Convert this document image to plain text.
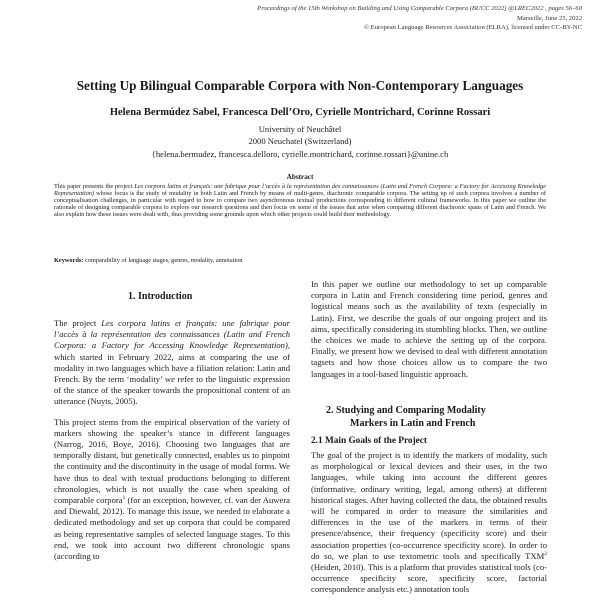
Proceedings of the 15th Workshop on Building and Using Comparable Corpora (BUCC 2022) @LREC2022 , pages 56–60
Marseille, June 25, 2022
© European Language Resources Association (ELRA), licensed under CC-BY-NC
Setting Up Bilingual Comparable Corpora with Non-Contemporary Languages
Helena Bermúdez Sabel, Francesca Dell’Oro, Cyrielle Montrichard, Corinne Rossari
University of Neuchâtel
2000 Neuchatel (Switzerland)
{helena.bermudez, francesca.delloro, cyrielle.montrichard, corinne.rossari}@unine.ch
Abstract
This paper presents the project Les corpora latins et français: une fabrique pour l’accès à la représentation des connaissances (Latin and French Corpora: a Factory for Accessing Knowledge Representation) whose focus is the study of modality in both Latin and French by means of multi-genre, diachronic comparable corpora. The setting up of such corpora involves a number of conceptualisation challenges, in particular with regard to how to compare two asynchronous textual productions corresponding to different cultural frameworks. In this paper we outline the rationale of designing comparable corpora to explore our research questions and then focus on some of the issues that arise when comparing different diachronic spans of Latin and French. We also explain how these issues were dealt with, thus providing some grounds upon which other projects could build their methodology.
Keywords: comparability of language stages, genres, modality, annotation
1. Introduction

The project Les corpora latins et français: une fabrique pour l’accès à la représentation des connaissances (Latin and French Corpora: a Factory for Accessing Knowledge Representation), which started in February 2022, aims at comparing the use of modality in two languages which have a filiation relation: Latin and French. By the term ‘modality’ we refer to the linguistic expression of the stance of the speaker towards the propositional content of an utterance (Nuyts, 2005).

This project stems from the empirical observation of the variety of markers showing the speaker’s stance in different languages (Narrog, 2016, Boye, 2016). Choosing two languages that are temporally distant, but genetically connected, enables us to pinpoint the continuity and the discontinuity in the usage of modal forms. We have thus to deal with textual productions belonging to different chronologies, which is not usually the case when speaking of comparable corpora$^1$ (for an exception, however, cf. van der Auwera and Diewald, 2012). To manage this issue, we needed to elaborate a dedicated methodology and set up corpora that could be compared as being representative samples of selected language stages. To this end, we took into account two different chronologic spans (according to

In this paper we outline our methodology to set up comparable corpora in Latin and French considering time period, genres and logistical means such as the availability of texts (especially in Latin). First, we describe the goals of our ongoing project and its aims, specifically considering its stumbling blocks. Then, we outline the choices we made to achieve the setting up of the corpora. Finally, we present how we devised to deal with different annotation tagsets and how those choices allow us to compare the two languages in a tool-based linguistic approach.

2. Studying and Comparing Modality
Markers in Latin and French
2.1 Main Goals of the Project

The goal of the project is to identify the markers of modality, such as morphological or lexical devices and their uses, in the two languages, while taking into account the different genres (informative, ordinary writing, legal, among others) at different historical stages. After having collected the data, the obtained results will be compared in order to measure the similarities and differences in the use of the markers in terms of their presence/absence, their frequency (specificity score) and their association properties (co-occurrence specificity score). In order to do so, we plan to use textometric tools and specifically TXM$^2$ (Heiden, 2010). This is a platform that provides statistical tools (co-occurrence specificity score, specificity score, factorial correspondence analysis etc.) annotation tools
